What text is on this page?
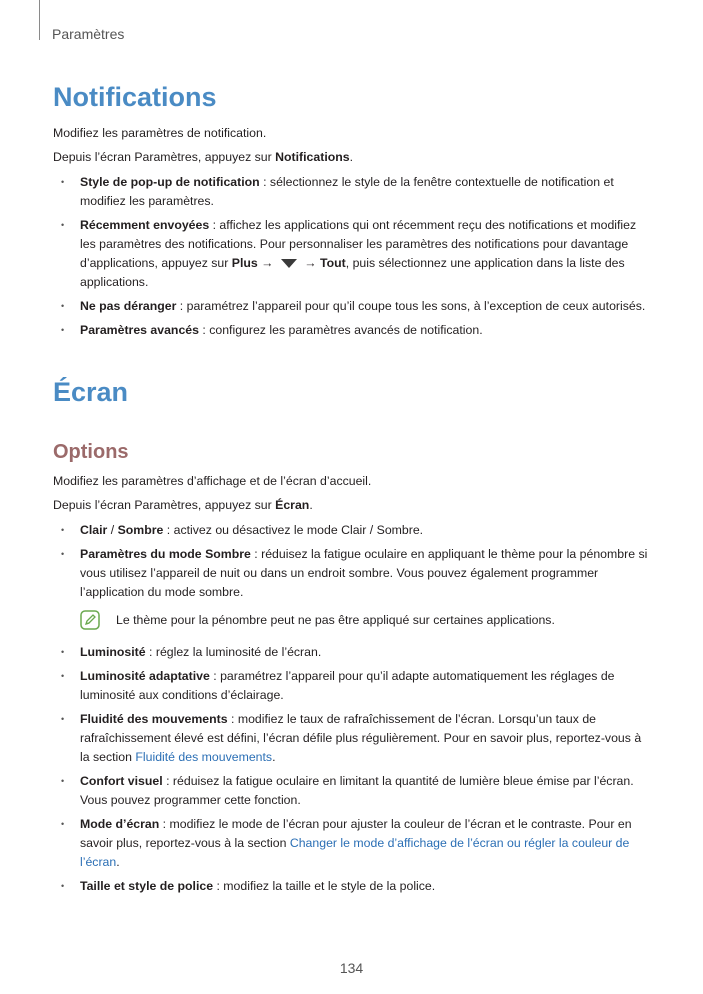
Paramètres
Notifications
Modifiez les paramètres de notification.
Depuis l’écran Paramètres, appuyez sur Notifications.
• Style de pop-up de notification : sélectionnez le style de la fenêtre contextuelle de notification et modifiez les paramètres.
• Récemment envoyées : affichez les applications qui ont récemment reçu des notifications et modifiez les paramètres des notifications. Pour personnaliser les paramètres des notifications pour davantage d’applications, appuyez sur Plus →  → Tout, puis sélectionnez une application dans la liste des applications.
• Ne pas déranger : paramétrez l’appareil pour qu’il coupe tous les sons, à l’exception de ceux autorisés.
• Paramètres avancés : configurez les paramètres avancés de notification.
Écran
Options
Modifiez les paramètres d’affichage et de l’écran d’accueil.
Depuis l’écran Paramètres, appuyez sur Écran.
• Clair / Sombre : activez ou désactivez le mode Clair / Sombre.
• Paramètres du mode Sombre : réduisez la fatigue oculaire en appliquant le thème pour la pénombre si vous utilisez l’appareil de nuit ou dans un endroit sombre. Vous pouvez également programmer l’application du mode sombre.
Le thème pour la pénombre peut ne pas être appliqué sur certaines applications.
• Luminosité : réglez la luminosité de l’écran.
• Luminosité adaptative : paramétrez l’appareil pour qu’il adapte automatiquement les réglages de luminosité aux conditions d’éclairage.
• Fluidité des mouvements : modifiez le taux de rafraîchissement de l’écran. Lorsqu’un taux de rafraîchissement élevé est défini, l’écran défile plus régulièrement. Pour en savoir plus, reportez-vous à la section Fluidité des mouvements.
• Confort visuel : réduisez la fatigue oculaire en limitant la quantité de lumière bleue émise par l’écran. Vous pouvez programmer cette fonction.
• Mode d’écran : modifiez le mode de l’écran pour ajuster la couleur de l’écran et le contraste. Pour en savoir plus, reportez-vous à la section Changer le mode d’affichage de l’écran ou régler la couleur de l’écran.
• Taille et style de police : modifiez la taille et le style de la police.
134
